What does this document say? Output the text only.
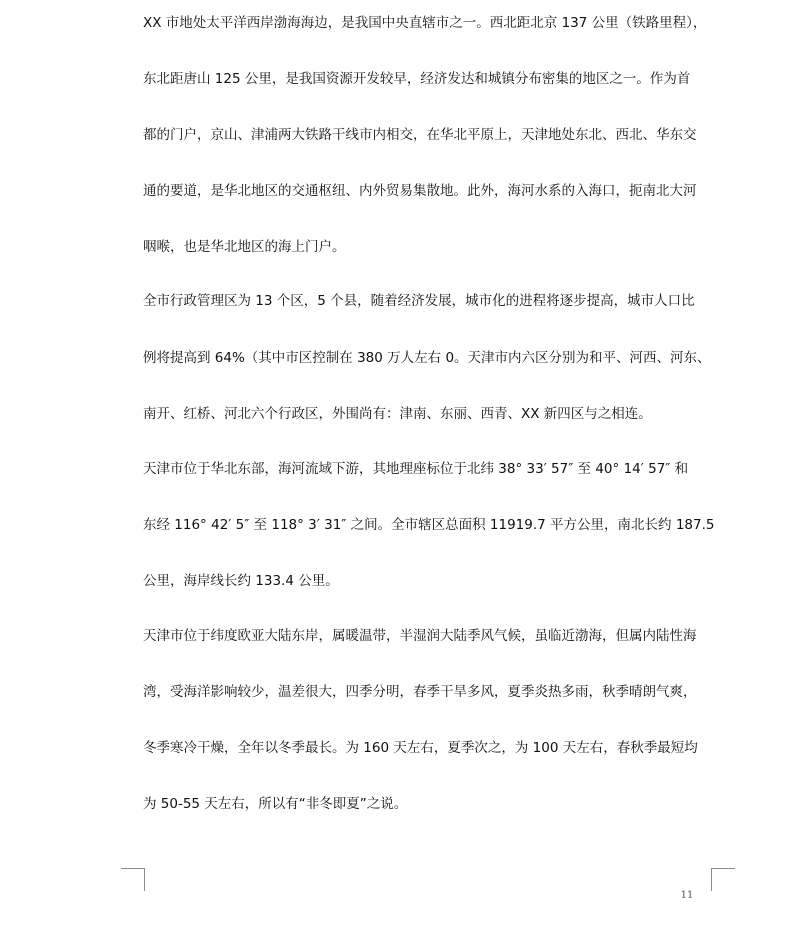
XX 市地处太平洋西岸渤海海边，是我国中央直辖市之一。西北距北京 137 公里（铁路里程），
东北距唐山 125 公里，是我国资源开发较早，经济发达和城镇分布密集的地区之一。作为首
都的门户，京山、津浦两大铁路干线市内相交，在华北平原上，天津地处东北、西北、华东交
通的要道，是华北地区的交通枢纽、内外贸易集散地。此外，海河水系的入海口，扼南北大河
咽喉，也是华北地区的海上门户。
全市行政管理区为 13 个区，5 个县，随着经济发展，城市化的进程将逐步提高，城市人口比
例将提高到 64%（其中市区控制在 380 万人左右 0。天津市内六区分别为和平、河西、河东、
南开、红桥、河北六个行政区，外围尚有：津南、东丽、西青、XX 新四区与之相连。
天津市位于华北东部，海河流域下游，其地理座标位于北纬 38° 33′ 57″ 至 40° 14′ 57″ 和
东经 116° 42′ 5″ 至 118° 3′ 31″ 之间。全市辖区总面积 11919.7 平方公里，南北长约 187.5
公里，海岸线长约 133.4 公里。
天津市位于纬度欧亚大陆东岸，属暖温带，半湿润大陆季风气候，虽临近渤海，但属内陆性海
湾，受海洋影响较少，温差很大，四季分明，春季干旱多风，夏季炎热多雨，秋季晴朗气爽，
冬季寒冷干燥，全年以冬季最长。为 160 天左右，夏季次之，为 100 天左右，春秋季最短均
为 50-55 天左右，所以有“非冬即夏”之说。
11
